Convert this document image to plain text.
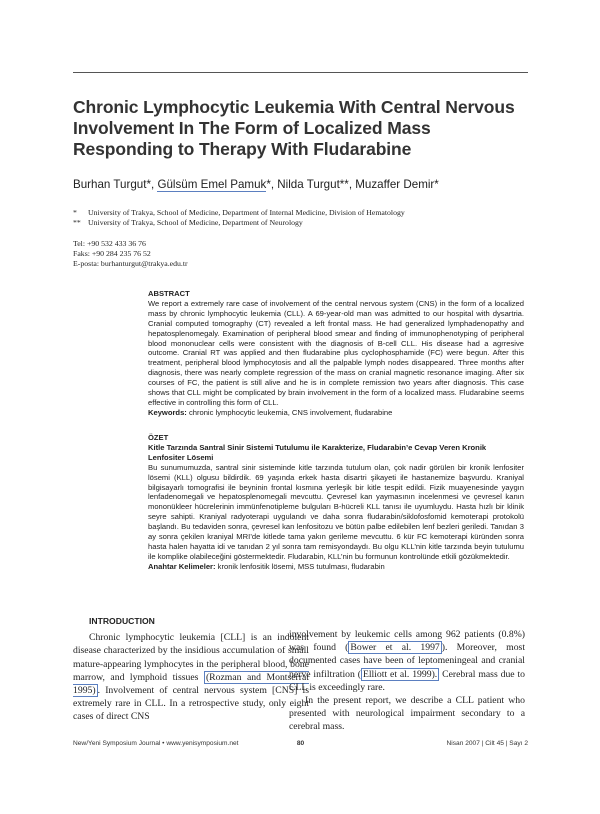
Chronic Lymphocytic Leukemia With Central Nervous Involvement In The Form of Localized Mass Responding to Therapy With Fludarabine
Burhan Turgut*, Gülsüm Emel Pamuk*, Nilda Turgut**, Muzaffer Demir*
*	University of Trakya, School of Medicine, Department of Internal Medicine, Division of Hematology
** University of Trakya, School of Medicine, Department of Neurology
Tel: +90 532 433 36 76
Faks: +90 284 235 76 52
E-posta: burhanturgut@trakya.edu.tr
ABSTRACT

We report a extremely rare case of involvement of the central nervous system (CNS) in the form of a localized mass by chronic lymphocytic leukemia (CLL). A 69-year-old man was admitted to our hospital with dysartria. Cranial computed tomography (CT) revealed a left frontal mass. He had generalized lymphadenopathy and hepatosplenomegaly. Examination of peripheral blood smear and finding of immunophenotyping of peripheral blood mononuclear cells were consistent with the diagnosis of B-cell CLL. His disease had a agrresive outcome. Cranial RT was applied and then fludarabine plus cyclophosphamide (FC) were begun. After this treatment, peripheral blood lymphocytosis and all the palpable lymph nodes disappeared. Three months after diagnosis, there was nearly complete regression of the mass on cranial magnetic resonance imaging. After six courses of FC, the patient is still alive and he is in complete remission two years after diagnosis. This case shows that CLL might be complicated by brain involvement in the form of a localized mass. Fludarabine seems effective in controlling this form of CLL.

Keywords: chronic lymphocytic leukemia, CNS involvement, fludarabine

ÖZET
Kitle Tarzında Santral Sinir Sistemi Tutulumu ile Karakterize, Fludarabin’e Cevap Veren Kronik Lenfositer Lösemi

Bu sunumumuzda, santral sinir sisteminde kitle tarzında tutulum olan, çok nadir görülen bir kronik lenfositer lösemi (KLL) olgusu bildirdik. 69 yaşında erkek hasta disartri şikayeti ile hastanemize başvurdu. Kraniyal bilgisayarlı tomografisi ile beyninin frontal kısmına yerleşik bir kitle tespit edildi. Fizik muayenesinde yaygın lenfadenomegali ve hepatosplenomegali mevcuttu. Çevresel kan yaymasının incelenmesi ve çevresel kanın mononükleer hücrelerinin immünfenotipleme bulguları B-hücreli KLL tanısı ile uyumluydu. Hasta hızlı bir klinik seyre sahipti. Kraniyal radyoterapi uygulandı ve daha sonra fludarabin/siklofosfomid kemoterapi protokolü başlandı. Bu tedaviden sonra, çevresel kan lenfositozu ve bütün palbe edilebilen lenf bezleri geriledi. Tanıdan 3 ay sonra çekilen kraniyal MRI’de kitlede tama yakın gerileme mevcuttu. 6 kür FC kemoterapi küründen sonra hasta halen hayatta idi ve tanıdan 2 yıl sonra tam remisyondaydı. Bu olgu KLL’nin kitle tarzında beyin tutulumu ile komplike olabileceğini göstermektedir. Fludarabin, KLL’nin bu formunun kontrolünde etkili gözükmektedir.

Anahtar Kelimeler: kronik lenfositik lösemi, MSS tutulması, fludarabin

INTRODUCTION

Chronic lymphocytic leukemia [CLL] is an indolent disease characterized by the insidious accumulation of small mature-appearing lymphocytes in the peripheral blood, bone marrow, and lymphoid tissues (Rozman and Montserrat 1995) . Involvement of central nervous system [CNS] is extremely rare in CLL. In a retrospective study, only eight cases of direct CNS

involvement by leukemic cells among 962 patients (0.8%) was found ( Bower et al. 1997 ). Moreover, most documented cases have been of leptomeningeal and cranial nerve infiltration ( Elliott et al. 1999). Cerebral mass due to CLL is exceedingly rare.

In the present report, we describe a CLL patient who presented with neurological impairment secondary to a cerebral mass.

New/Yeni Symposium Journal • www.yenisymposium.net	80	Nisan 2007 | Cilt 45 | Sayı 2
